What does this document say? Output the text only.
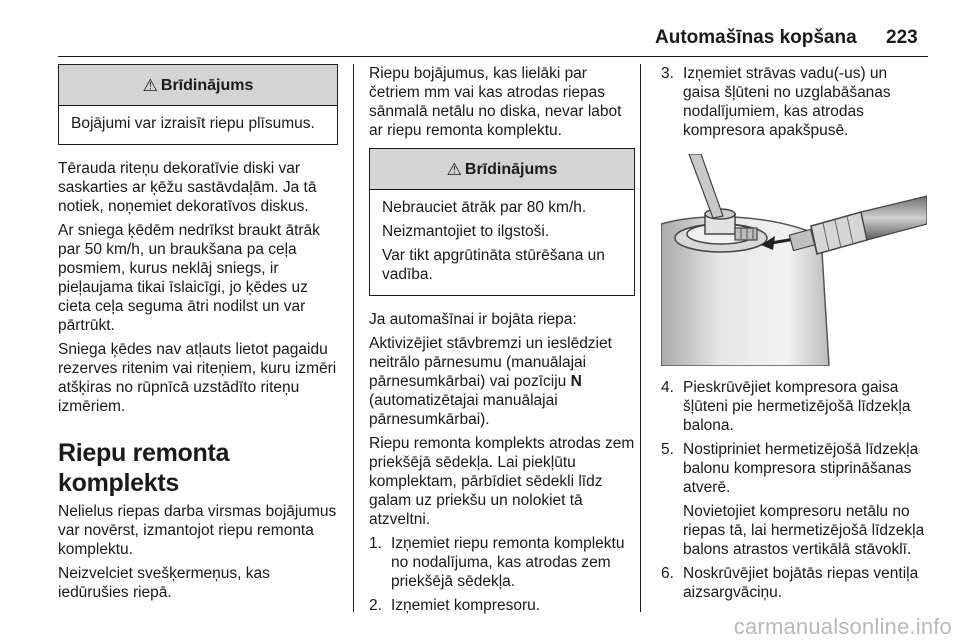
Automašīnas kopšana 223
⚠ Brīdinājums

Bojājumi var izraisīt riepu plīsumus.

Tērauda riteņu dekoratīvie diski var saskarties ar ķēžu sastāvdaļām. Ja tā notiek, noņemiet dekoratīvos diskus.

Ar sniega ķēdēm nedrīkst braukt ātrāk par 50 km/h, un braukšana pa ceļa posmiem, kurus neklāj sniegs, ir pieļaujama tikai īslaicīgi, jo ķēdes uz cieta ceļa seguma ātri nodilst un var pārtrūkt.

Sniega ķēdes nav atļauts lietot pagaidu rezerves ritenim vai riteņiem, kuru izmēri atšķiras no rūpnīcā uzstādīto riteņu izmēriem.

Riepu remonta komplekts

Nelielus riepas darba virsmas bojājumus var novērst, izmantojot riepu remonta komplektu.

Neizvelciet svešķermeņus, kas iedūrušies riepā.

Riepu bojājumus, kas lielāki par četriem mm vai kas atrodas riepas sānmalā netālu no diska, nevar labot ar riepu remonta komplektu.

⚠ Brīdinājums

Nebrauciet ātrāk par 80 km/h.

Neizmantojiet to ilgstoši.

Var tikt apgrūtināta stūrēšana un vadība.

Ja automašīnai ir bojāta riepa:

Aktivizējiet stāvbremzi un ieslēdziet neitrālo pārnesumu (manuālajai pārnesumkārbai) vai pozīciju N (automatizētajai manuālajai pārnesumkārbai).

Riepu remonta komplekts atrodas zem priekšējā sēdekļa. Lai piekļūtu komplektam, pārbīdiet sēdekli līdz galam uz priekšu un nolokiet tā atzveltni.

1. Izņemiet riepu remonta komplektu no nodalījuma, kas atrodas zem priekšējā sēdekļa.
2. Izņemiet kompresoru.
3. Izņemiet strāvas vadu(-us) un gaisa šļūteni no uzglabāšanas nodalījumiem, kas atrodas kompresora apakšpusē.
4. Pieskrūvējiet kompresora gaisa šļūteni pie hermetizējošā līdzekļa balona.
5. Nostipriniet hermetizējošā līdzekļa balonu kompresora stiprināšanas atverē.

Novietojiet kompresoru netālu no riepas tā, lai hermetizējošā līdzekļa balons atrastos vertikālā stāvoklī.

6. Noskrūvējiet bojātās riepas ventiļa aizsargvāciņu.
carmanualsonline.info
